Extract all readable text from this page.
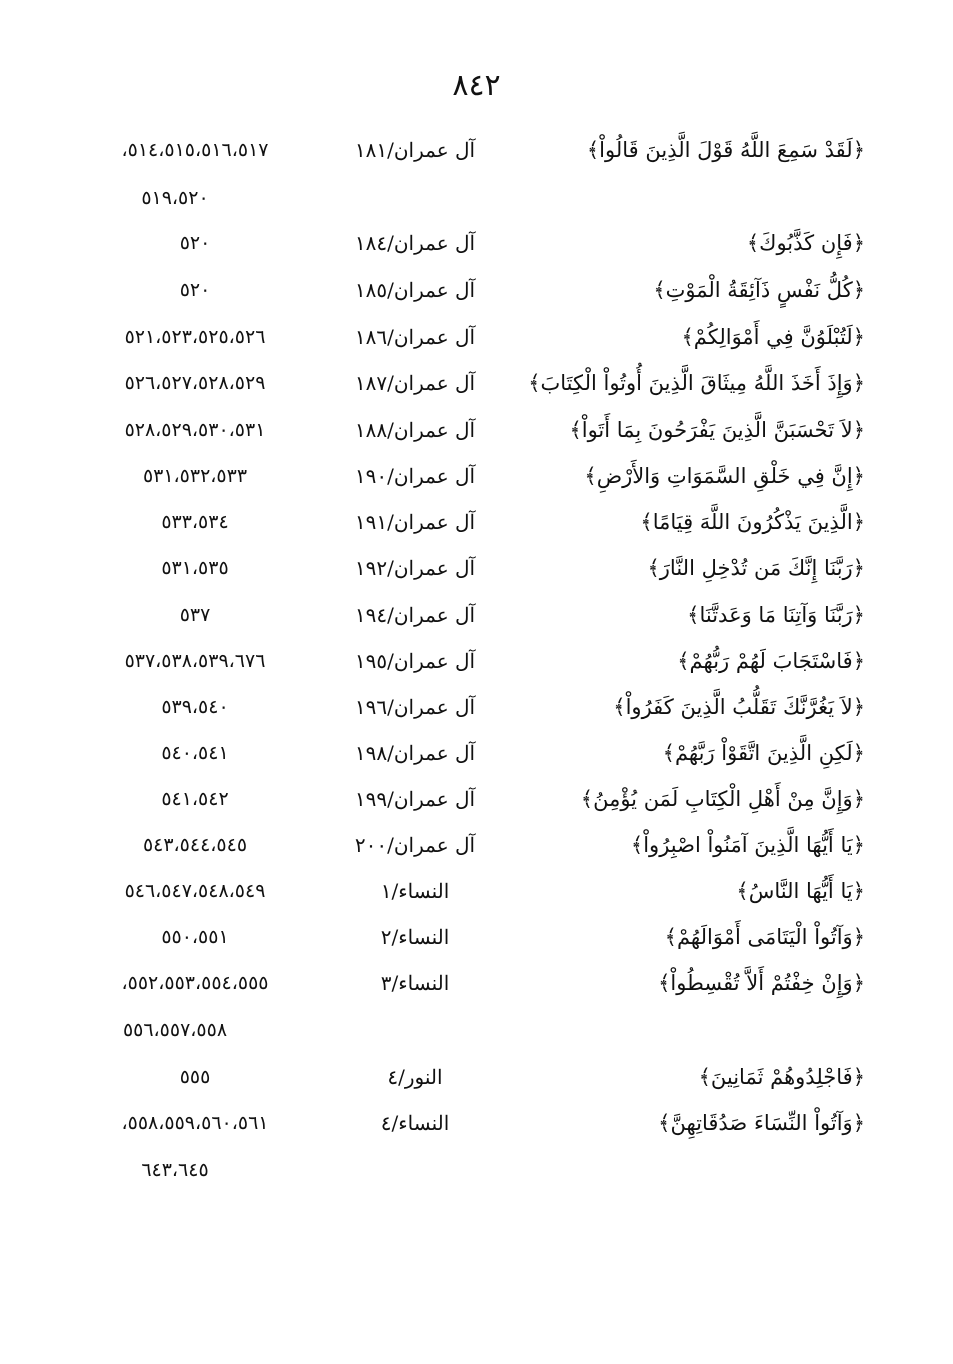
٨٤٢
﴿لَقَدْ سَمِعَ اللَّهُ قَوْلَ الَّذِينَ قَالُواْ﴾
آل عمران/١٨١
٥١٤،٥١٥،٥١٦،٥١٧،
٥١٩،٥٢٠
﴿فَإِن كَذَّبُوكَ﴾
آل عمران/١٨٤
٥٢٠
﴿كُلُّ نَفْسٍ ذَآئِقَةُ الْمَوْتِ﴾
آل عمران/١٨٥
٥٢٠
﴿لَتُبْلَوُنَّ فِي أَمْوَالِكُمْ﴾
آل عمران/١٨٦
٥٢١،٥٢٣،٥٢٥،٥٢٦
﴿وَإِذَ أَخَذَ اللَّهُ مِيثَاقَ الَّذِينَ أُوتُواْ الْكِتَابَ﴾
آل عمران/١٨٧
٥٢٦،٥٢٧،٥٢٨،٥٢٩
﴿لاَ تَحْسَبَنَّ الَّذِينَ يَفْرَحُونَ بِمَا أَتَواْ﴾
آل عمران/١٨٨
٥٢٨،٥٢٩،٥٣٠،٥٣١
﴿إِنَّ فِي خَلْقِ السَّمَوَاتِ وَالأَرْضِ﴾
آل عمران/١٩٠
٥٣١،٥٣٢،٥٣٣
﴿الَّذِينَ يَذْكُرُونَ اللَّهَ قِيَامًا﴾
آل عمران/١٩١
٥٣٣،٥٣٤
﴿رَبَّنَا إِنَّكَ مَن تُدْخِلِ النَّارَ﴾
آل عمران/١٩٢
٥٣١،٥٣٥
﴿رَبَّنَا وَآتِنَا مَا وَعَدتَّنَا﴾
آل عمران/١٩٤
٥٣٧
﴿فَاسْتَجَابَ لَهُمْ رَبُّهُمْ﴾
آل عمران/١٩٥
٥٣٧،٥٣٨،٥٣٩،٦٧٦
﴿لاَ يَغُرَّنَّكَ تَقَلُّبُ الَّذِينَ كَفَرُواْ﴾
آل عمران/١٩٦
٥٣٩،٥٤٠
﴿لَكِنِ الَّذِينَ اتَّقَوْاْ رَبَّهُمْ﴾
آل عمران/١٩٨
٥٤٠،٥٤١
﴿وَإِنَّ مِنْ أَهْلِ الْكِتَابِ لَمَن يُؤْمِنُ﴾
آل عمران/١٩٩
٥٤١،٥٤٢
﴿يَا أَيُّهَا الَّذِينَ آمَنُواْ اصْبِرُواْ﴾
آل عمران/٢٠٠
٥٤٣،٥٤٤،٥٤٥
﴿يَا أَيُّهَا النَّاسُ﴾
النساء/١
٥٤٦،٥٤٧،٥٤٨،٥٤٩
﴿وَآتُواْ الْيَتَامَى أَمْوَالَهُمْ﴾
النساء/٢
٥٥٠،٥٥١
﴿وَإِنْ خِفْتُمْ أَلاَّ تُقْسِطُواْ﴾
النساء/٣
٥٥٢،٥٥٣،٥٥٤،٥٥٥،
٥٥٦،٥٥٧،٥٥٨
﴿فَاجْلِدُوهُمْ ثَمَانِينَ﴾
النور/٤
٥٥٥
﴿وَآتُواْ النِّسَاءَ صَدُقَاتِهِنَّ﴾
النساء/٤
٥٥٨،٥٥٩،٥٦٠،٥٦١،
٦٤٣،٦٤٥
